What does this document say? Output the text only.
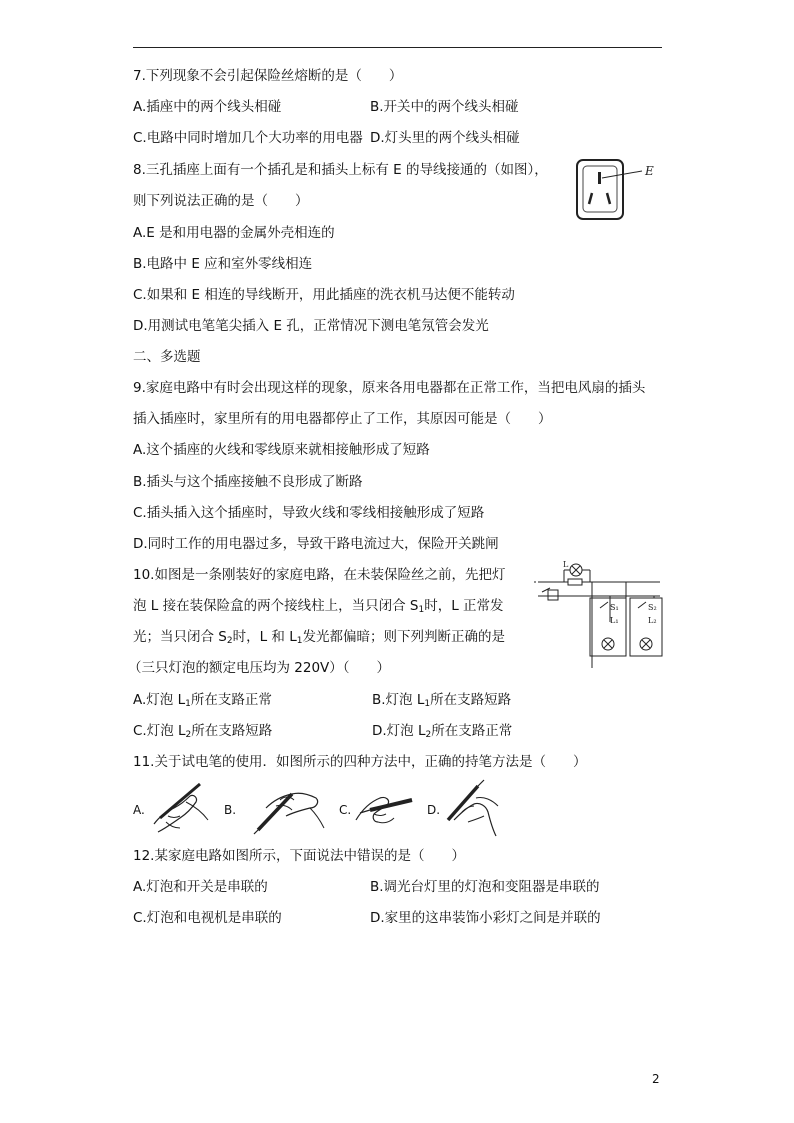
7.下列现象不会引起保险丝熔断的是（　　）
A.插座中的两个线头相碰	B.开关中的两个线头相碰
C.电路中同时增加几个大功率的用电器 D.灯头里的两个线头相碰
8.三孔插座上面有一个插孔是和插头上标有 E 的导线接通的（如图），
则下列说法正确的是（　　）
E
A.E 是和用电器的金属外壳相连的
B.电路中 E 应和室外零线相连
C.如果和 E 相连的导线断开，用此插座的洗衣机马达便不能转动
D.用测试电笔笔尖插入 E 孔，正常情况下测电笔氖管会发光
二、多选题
9.家庭电路中有时会出现这样的现象，原来各用电器都在正常工作，当把电风扇的插头
插入插座时，家里所有的用电器都停止了工作，其原因可能是（　　）
A.这个插座的火线和零线原来就相接触形成了短路
B.插头与这个插座接触不良形成了断路
C.插头插入这个插座时，导致火线和零线相接触形成了短路
D.同时工作的用电器过多，导致干路电流过大，保险开关跳闸
10.如图是一条刚装好的家庭电路，在未装保险丝之前，先把灯
泡 L 接在装保险盒的两个接线柱上，当只闭合 $S_1$时，L 正常发
光；当只闭合 $S_2$时，L 和 $L_1$发光都偏暗；则下列判断正确的是
（三只灯泡的额定电压均为 220V）（　　）
L
S₁
L₁
S₂
L₂
A.灯泡 $L_1$所在支路正常	B.灯泡 $L_1$所在支路短路
C.灯泡 $L_2$所在支路短路	D.灯泡 $L_2$所在支路正常
11.关于试电笔的使用．如图所示的四种方法中，正确的持笔方法是（　　）
A.	B.	C.	D.
12.某家庭电路如图所示，下面说法中错误的是（　　）
A.灯泡和开关是串联的	B.调光台灯里的灯泡和变阻器是串联的
C.灯泡和电视机是串联的	D.家里的这串装饰小彩灯之间是并联的
2
